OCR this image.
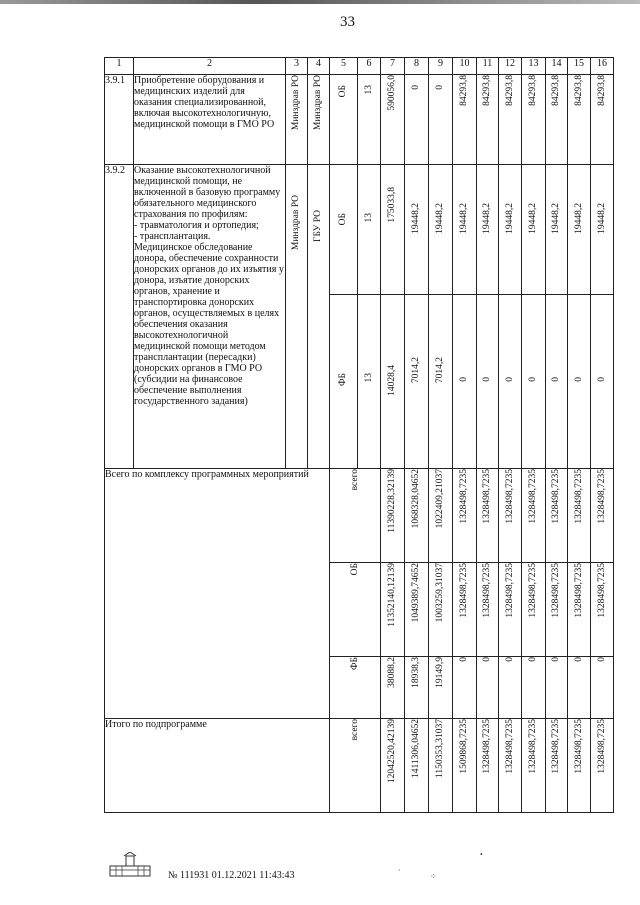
33
1	2	3	4	5	6	7	8	9	10	11	12	13	14	15	16
3.9.1	Приобретение оборудования и медицинских изделий для оказания специализированной, включая высокотехнологичную, медицинской помощи в ГМО РО	Минздрав РО	Минздрав РО	ОБ	13	590056,0	0	0	84293,8	84293,8	84293,8	84293,8	84293,8	84293,8	84293,8

3.9.2	Оказание высокотехнологичной медицинской помощи, не включенной в базовую программу обязательного медицинского страхования по профилям:
- травматология и ортопедия;
- трансплантация.
Медицинское обследование донора, обеспечение сохранности донорских органов до их изъятия у донора, изъятие донорских органов, хранение и транспортировка донорских органов, осуществляемых в целях обеспечения оказания высокотехнологичной медицинской помощи методом трансплантации (пересадки) донорских органов в ГМО РО (субсидии на финансовое обеспечение выполнения государственного задания)	Минздрав РО	ГБУ РО	ОБ	13	175033,8	19448,2	19448,2	19448,2	19448,2	19448,2	19448,2	19448,2	19448,2	19448,2

				ФБ	13	14028,4	7014,2	7014,2	0	0	0	0	0	0	0

Всего по комплексу программных мероприятий				всего		11390228,32139	1068328,04652	1022409,21037	1328498,7235	1328498,7235	1328498,7235	1328498,7235	1328498,7235	1328498,7235	1328498,7235

				ОБ		11352140,12139	1049389,74652	1003259,31037	1328498,7235	1328498,7235	1328498,7235	1328498,7235	1328498,7235	1328498,7235	1328498,7235

				ФБ		38088,2	18938,3	19149,9	0	0	0	0	0	0	0

Итого по подпрограмме				всего		12042520,42139	1411306,04652	1150353,31037	1509868,7235	1328498,7235	1328498,7235	1328498,7235	1328498,7235	1328498,7235	1328498,7235
№ 111931 01.12.2021 11:43:43
•
·
⁘
